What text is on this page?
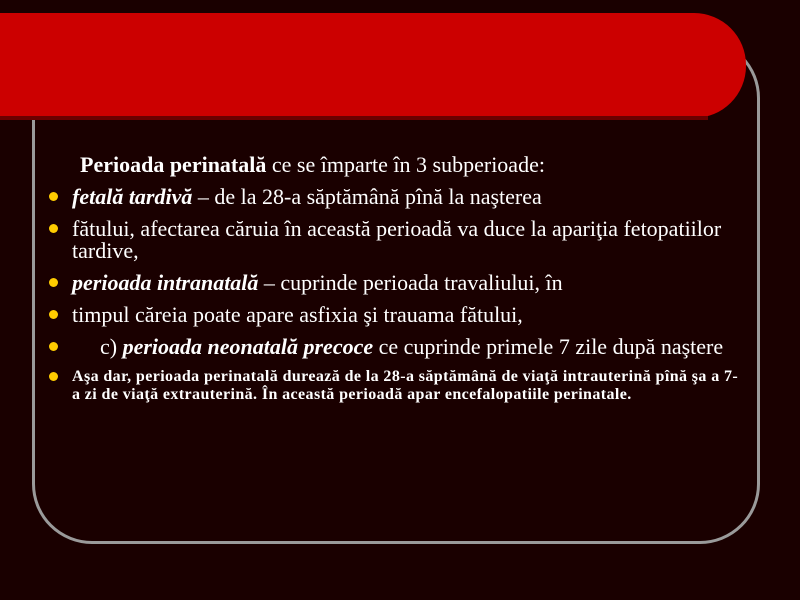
Perioada perinatală ce se împarte în 3 subperioade:
fetală tardivă – de la 28-a săptămână pînă la naşterea
fătului, afectarea căruia în această perioadă va duce la apariţia fetopatiilor tardive,
perioada intranatală – cuprinde perioada travaliului, în
timpul căreia poate apare asfixia şi trauama fătului,
c) perioada neonatală precoce ce cuprinde primele 7 zile după naştere
Aşa dar, perioada perinatală durează de la 28-a săptămână de viaţă intrauterină pînă şa a 7-a zi de viaţă extrauterină. În această perioadă apar encefalopatiile perinatale.
